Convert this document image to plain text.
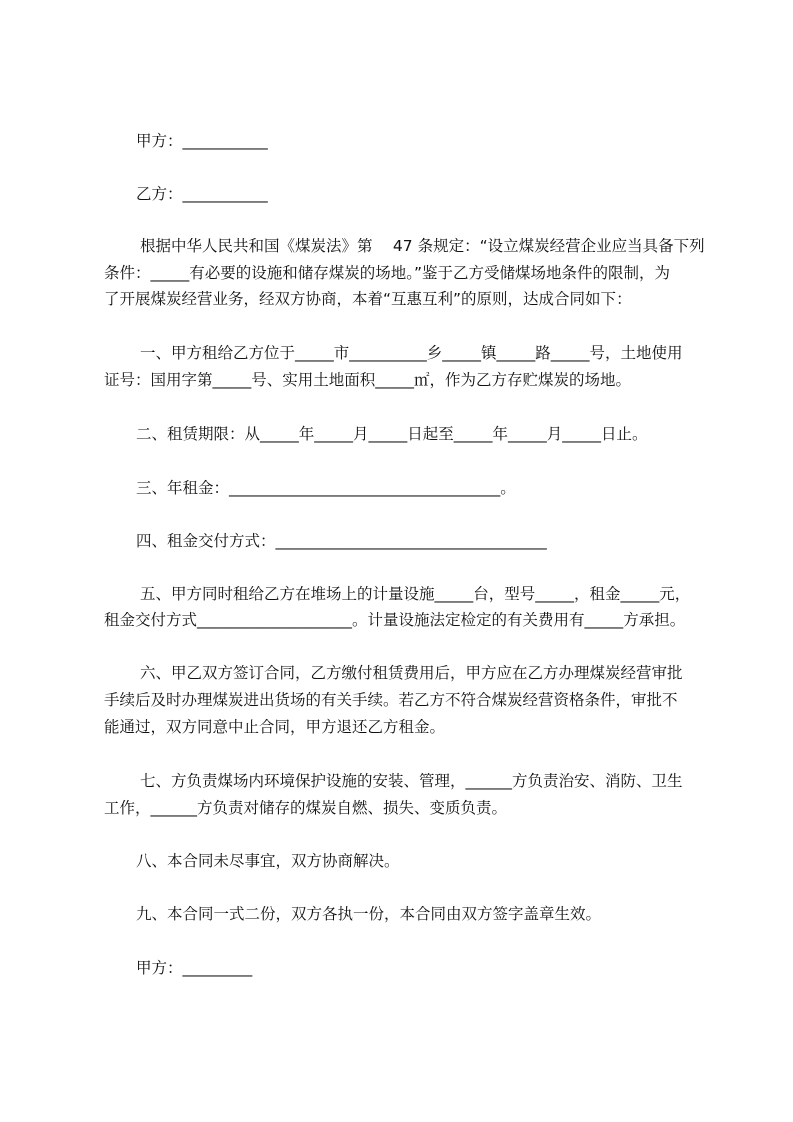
甲方：___________
乙方：___________
根据中华人民共和国《煤炭法》第　 47 条规定：“设立煤炭经营企业应当具备下列
条件：_____有必要的设施和储存煤炭的场地。”鉴于乙方受储煤场地条件的限制，为
了开展煤炭经营业务，经双方协商，本着“互惠互利”的原则，达成合同如下：
一、甲方租给乙方位于_____市__________乡_____镇_____路_____号，土地使用
证号：国用字第_____号、实用土地面积_____㎡，作为乙方存贮煤炭的场地。
二、租赁期限：从_____年_____月_____日起至_____年_____月_____日止。
三、年租金：___________________________________。
四、租金交付方式：___________________________________
五、甲方同时租给乙方在堆场上的计量设施_____台，型号_____，租金_____元，
租金交付方式____________________。计量设施法定检定的有关费用有_____方承担。
六、甲乙双方签订合同，乙方缴付租赁费用后，甲方应在乙方办理煤炭经营审批
手续后及时办理煤炭进出货场的有关手续。若乙方不符合煤炭经营资格条件，审批不
能通过，双方同意中止合同，甲方退还乙方租金。
七、方负责煤场内环境保护设施的安装、管理，______方负责治安、消防、卫生
工作，______方负责对储存的煤炭自燃、损失、变质负责。
八、本合同未尽事宜，双方协商解决。
九、本合同一式二份，双方各执一份，本合同由双方签字盖章生效。
甲方：_________
